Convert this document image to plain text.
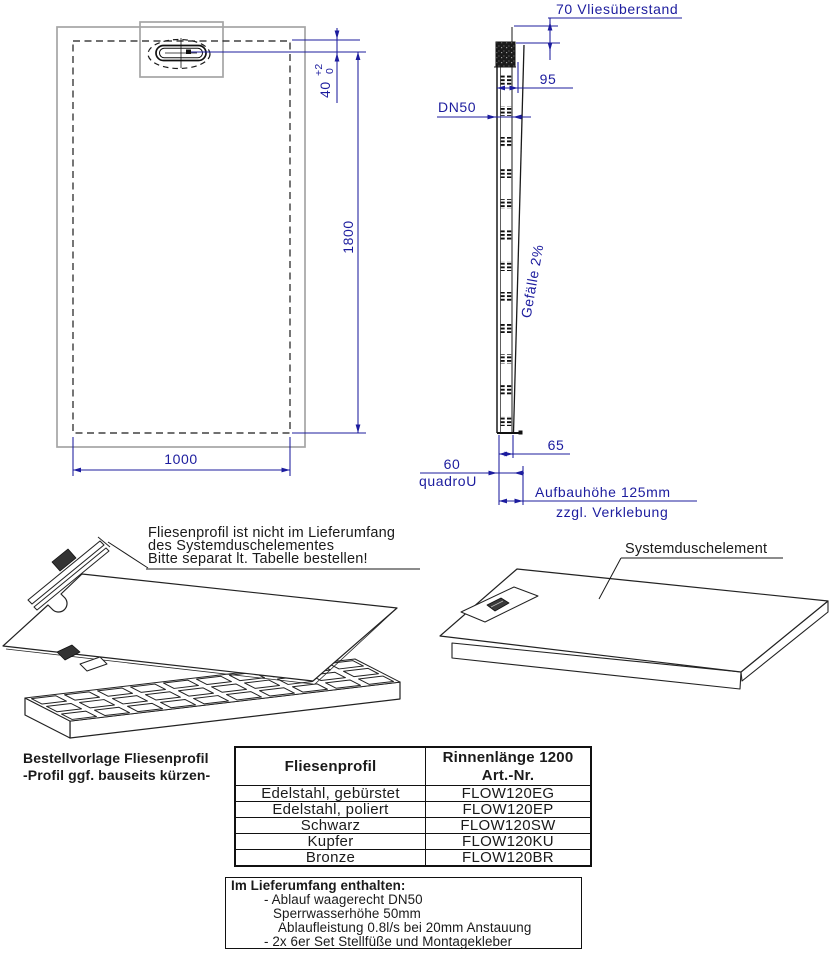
1000
1800
40
+2 0
70 Vliesüberstand
95
DN50
Gefälle 2%
65
60
quadroU
Aufbauhöhe 125mm
zzgl. Verklebung
Fliesenprofil ist nicht im Lieferumfang
des Systemduschelementes
Bitte separat lt. Tabelle bestellen!
Systemduschelement
Bestellvorlage Fliesenprofil
-Profil ggf. bauseits kürzen-
Fliesenprofil	Rinnenlänge 1200
Art.-Nr.

Edelstahl, gebürstet	FLOW120EG
Edelstahl, poliert	FLOW120EP
Schwarz	FLOW120SW
Kupfer	FLOW120KU
Bronze	FLOW120BR
Im Lieferumfang enthalten:
- Ablauf waagerecht DN50
Sperrwasserhöhe 50mm
Ablaufleistung 0.8l/s bei 20mm Anstauung
- 2x 6er Set Stellfüße und Montagekleber
